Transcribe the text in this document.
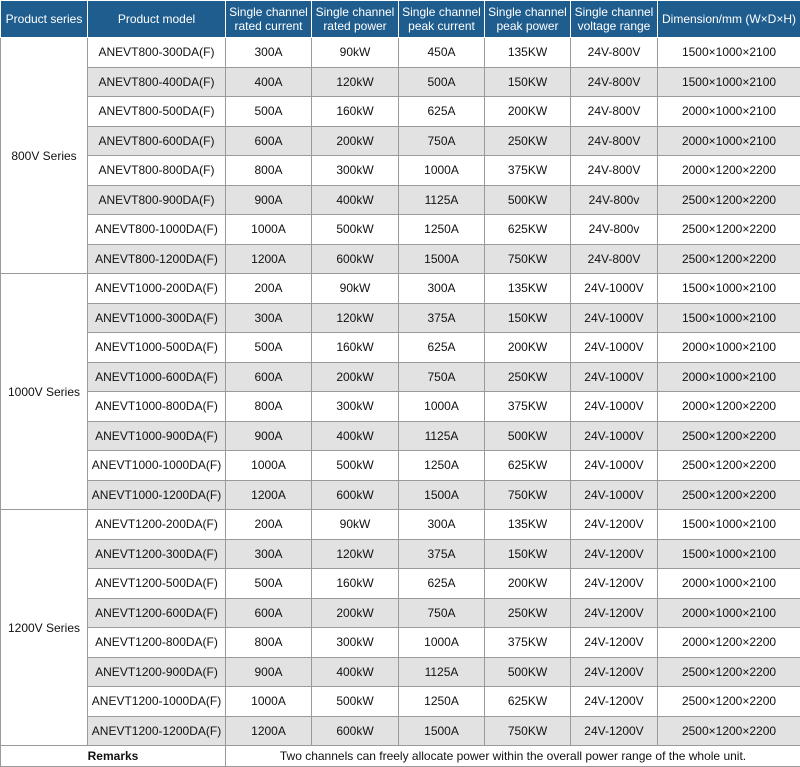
Product series	Product model	Single channel rated current	Single channel rated power	Single channel peak current	Single channel peak power	Single channel voltage range	Dimension/mm (W×D×H)
800V Series	ANEVT800-300DA(F)	300A	90kW	450A	135KW	24V-800V	1500×1000×2100
	ANEVT800-400DA(F)	400A	120kW	500A	150KW	24V-800V	1500×1000×2100
	ANEVT800-500DA(F)	500A	160kW	625A	200KW	24V-800V	2000×1000×2100
	ANEVT800-600DA(F)	600A	200kW	750A	250KW	24V-800V	2000×1000×2100
	ANEVT800-800DA(F)	800A	300kW	1000A	375KW	24V-800V	2000×1200×2200
	ANEVT800-900DA(F)	900A	400kW	1125A	500KW	24V-800v	2500×1200×2200
	ANEVT800-1000DA(F)	1000A	500kW	1250A	625KW	24V-800v	2500×1200×2200
	ANEVT800-1200DA(F)	1200A	600kW	1500A	750KW	24V-800V	2500×1200×2200
1000V Series	ANEVT1000-200DA(F)	200A	90kW	300A	135KW	24V-1000V	1500×1000×2100
	ANEVT1000-300DA(F)	300A	120kW	375A	150KW	24V-1000V	1500×1000×2100
	ANEVT1000-500DA(F)	500A	160kW	625A	200KW	24V-1000V	2000×1000×2100
	ANEVT1000-600DA(F)	600A	200kW	750A	250KW	24V-1000V	2000×1000×2100
	ANEVT1000-800DA(F)	800A	300kW	1000A	375KW	24V-1000V	2000×1200×2200
	ANEVT1000-900DA(F)	900A	400kW	1125A	500KW	24V-1000V	2500×1200×2200
	ANEVT1000-1000DA(F)	1000A	500kW	1250A	625KW	24V-1000V	2500×1200×2200
	ANEVT1000-1200DA(F)	1200A	600kW	1500A	750KW	24V-1000V	2500×1200×2200
1200V Series	ANEVT1200-200DA(F)	200A	90kW	300A	135KW	24V-1200V	1500×1000×2100
	ANEVT1200-300DA(F)	300A	120kW	375A	150KW	24V-1200V	1500×1000×2100
	ANEVT1200-500DA(F)	500A	160kW	625A	200KW	24V-1200V	2000×1000×2100
	ANEVT1200-600DA(F)	600A	200kW	750A	250KW	24V-1200V	2000×1000×2100
	ANEVT1200-800DA(F)	800A	300kW	1000A	375KW	24V-1200V	2000×1200×2200
	ANEVT1200-900DA(F)	900A	400kW	1125A	500KW	24V-1200V	2500×1200×2200
	ANEVT1200-1000DA(F)	1000A	500kW	1250A	625KW	24V-1200V	2500×1200×2200
	ANEVT1200-1200DA(F)	1200A	600kW	1500A	750KW	24V-1200V	2500×1200×2200
Remarks		Two channels can freely allocate power within the overall power range of the whole unit.					
